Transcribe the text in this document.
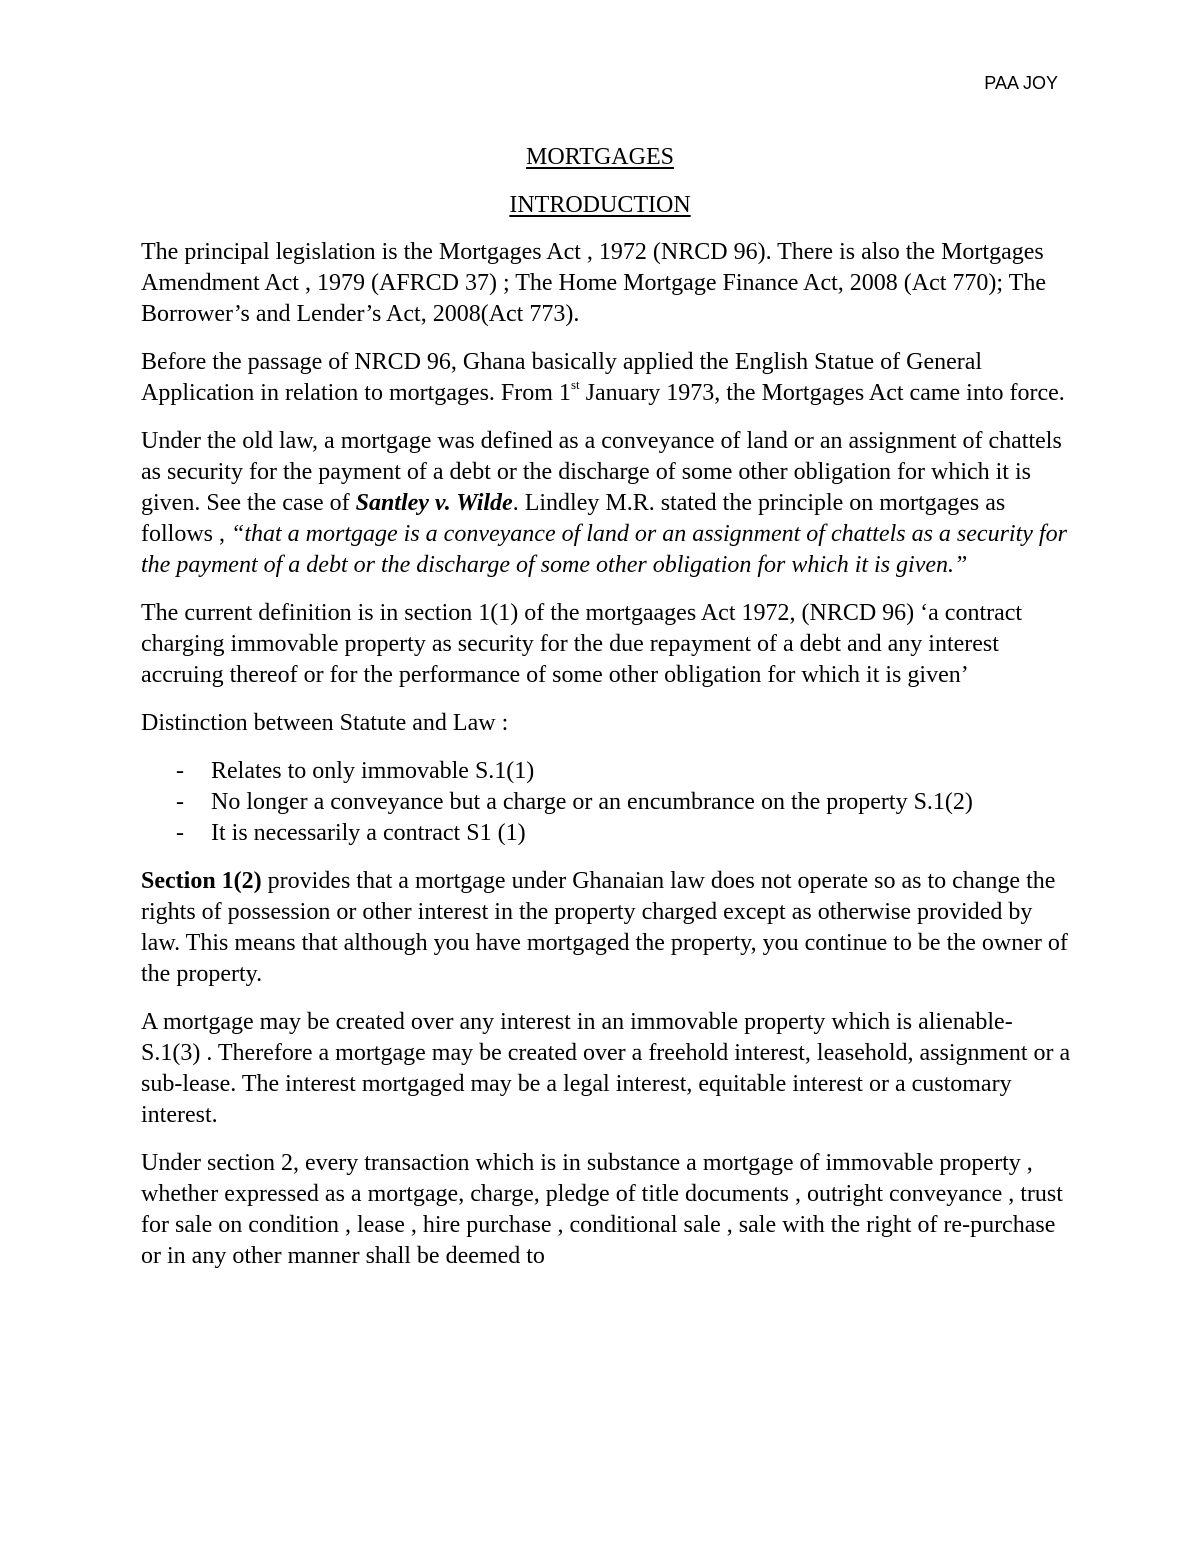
PAA JOY
MORTGAGES
INTRODUCTION

The principal legislation is the Mortgages Act , 1972 (NRCD 96). There is also the Mortgages Amendment Act , 1979 (AFRCD 37) ; The Home Mortgage Finance Act, 2008 (Act 770); The Borrower’s and Lender’s Act, 2008(Act 773).

Before the passage of NRCD 96, Ghana basically applied the English Statue of General Application in relation to mortgages. From 1st January 1973, the Mortgages Act came into force.

Under the old law, a mortgage was defined as a conveyance of land or an assignment of chattels as security for the payment of a debt or the discharge of some other obligation for which it is given. See the case of Santley v. Wilde. Lindley M.R. stated the principle on mortgages as follows , “that a mortgage is a conveyance of land or an assignment of chattels as a security for the payment of a debt or the discharge of some other obligation for which it is given.”

The current definition is in section 1(1) of the mortgaages Act 1972, (NRCD 96) ‘a contract charging immovable property as security for the due repayment of a debt and any interest accruing thereof or for the performance of some other obligation for which it is given’

Distinction between Statute and Law :

- Relates to only immovable S.1(1)
- No longer a conveyance but a charge or an encumbrance on the property S.1(2)
- It is necessarily a contract S1 (1)

Section 1(2) provides that a mortgage under Ghanaian law does not operate so as to change the rights of possession or other interest in the property charged except as otherwise provided by law. This means that although you have mortgaged the property, you continue to be the owner of the property.

A mortgage may be created over any interest in an immovable property which is alienable-S.1(3) . Therefore a mortgage may be created over a freehold interest, leasehold, assignment or a sub-lease. The interest mortgaged may be a legal interest, equitable interest or a customary interest.

Under section 2, every transaction which is in substance a mortgage of immovable property , whether expressed as a mortgage, charge, pledge of title documents , outright conveyance , trust for sale on condition , lease , hire purchase , conditional sale , sale with the right of re-purchase or in any other manner shall be deemed to
